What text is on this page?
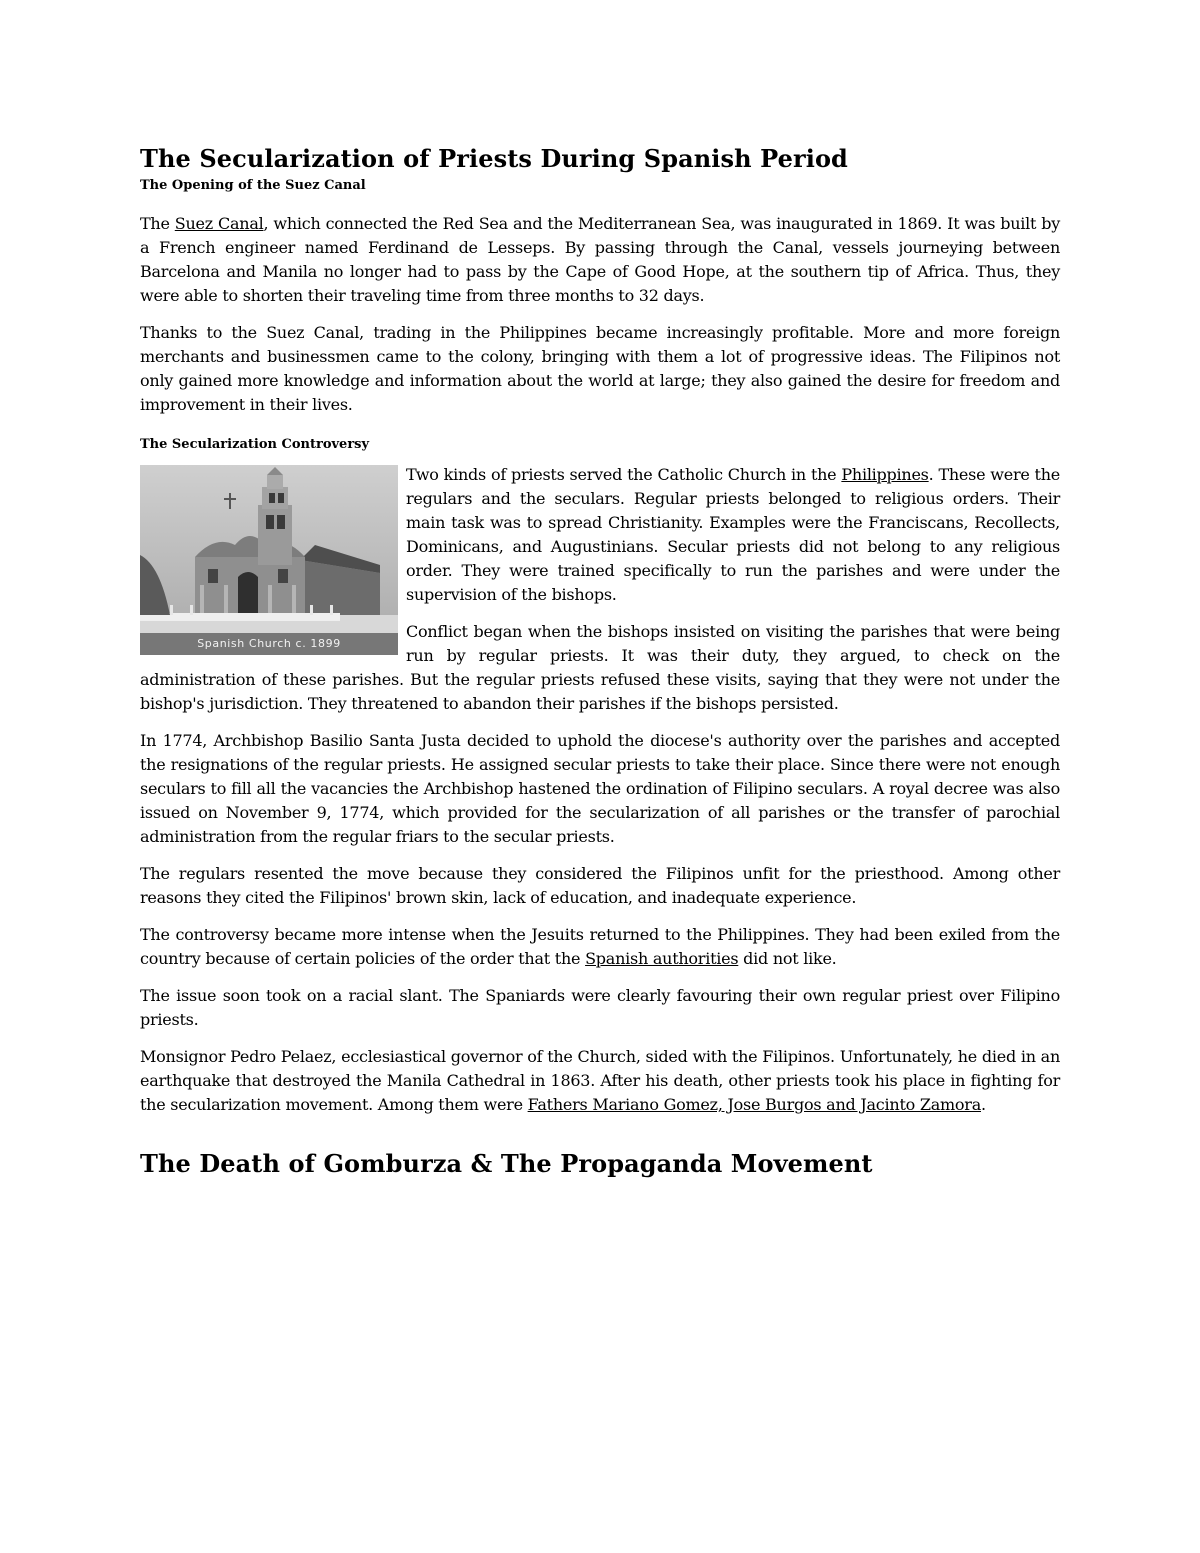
The Secularization of Priests During Spanish Period
The Opening of the Suez Canal

The Suez Canal, which connected the Red Sea and the Mediterranean Sea, was inaugurated in 1869. It was built by a French engineer named Ferdinand de Lesseps. By passing through the Canal, vessels journeying between Barcelona and Manila no longer had to pass by the Cape of Good Hope, at the southern tip of Africa. Thus, they were able to shorten their traveling time from three months to 32 days.

Thanks to the Suez Canal, trading in the Philippines became increasingly profitable. More and more foreign merchants and businessmen came to the colony, bringing with them a lot of progressive ideas. The Filipinos not only gained more knowledge and information about the world at large; they also gained the desire for freedom and improvement in their lives.

The Secularization Controversy
Spanish Church c. 1899

Two kinds of priests served the Catholic Church in the Philippines. These were the regulars and the seculars. Regular priests belonged to religious orders. Their main task was to spread Christianity. Examples were the Franciscans, Recollects, Dominicans, and Augustinians. Secular priests did not belong to any religious order. They were trained specifically to run the parishes and were under the supervision of the bishops.

Conflict began when the bishops insisted on visiting the parishes that were being run by regular priests. It was their duty, they argued, to check on the administration of these parishes. But the regular priests refused these visits, saying that they were not under the bishop's jurisdiction. They threatened to abandon their parishes if the bishops persisted.

In 1774, Archbishop Basilio Santa Justa decided to uphold the diocese's authority over the parishes and accepted the resignations of the regular priests. He assigned secular priests to take their place. Since there were not enough seculars to fill all the vacancies the Archbishop hastened the ordination of Filipino seculars. A royal decree was also issued on November 9, 1774, which provided for the secularization of all parishes or the transfer of parochial administration from the regular friars to the secular priests.

The regulars resented the move because they considered the Filipinos unfit for the priesthood. Among other reasons they cited the Filipinos' brown skin, lack of education, and inadequate experience.

The controversy became more intense when the Jesuits returned to the Philippines. They had been exiled from the country because of certain policies of the order that the Spanish authorities did not like.

The issue soon took on a racial slant. The Spaniards were clearly favouring their own regular priest over Filipino priests.

Monsignor Pedro Pelaez, ecclesiastical governor of the Church, sided with the Filipinos. Unfortunately, he died in an earthquake that destroyed the Manila Cathedral in 1863. After his death, other priests took his place in fighting for the secularization movement. Among them were Fathers Mariano Gomez, Jose Burgos and Jacinto Zamora.

The Death of Gomburza & The Propaganda Movement
